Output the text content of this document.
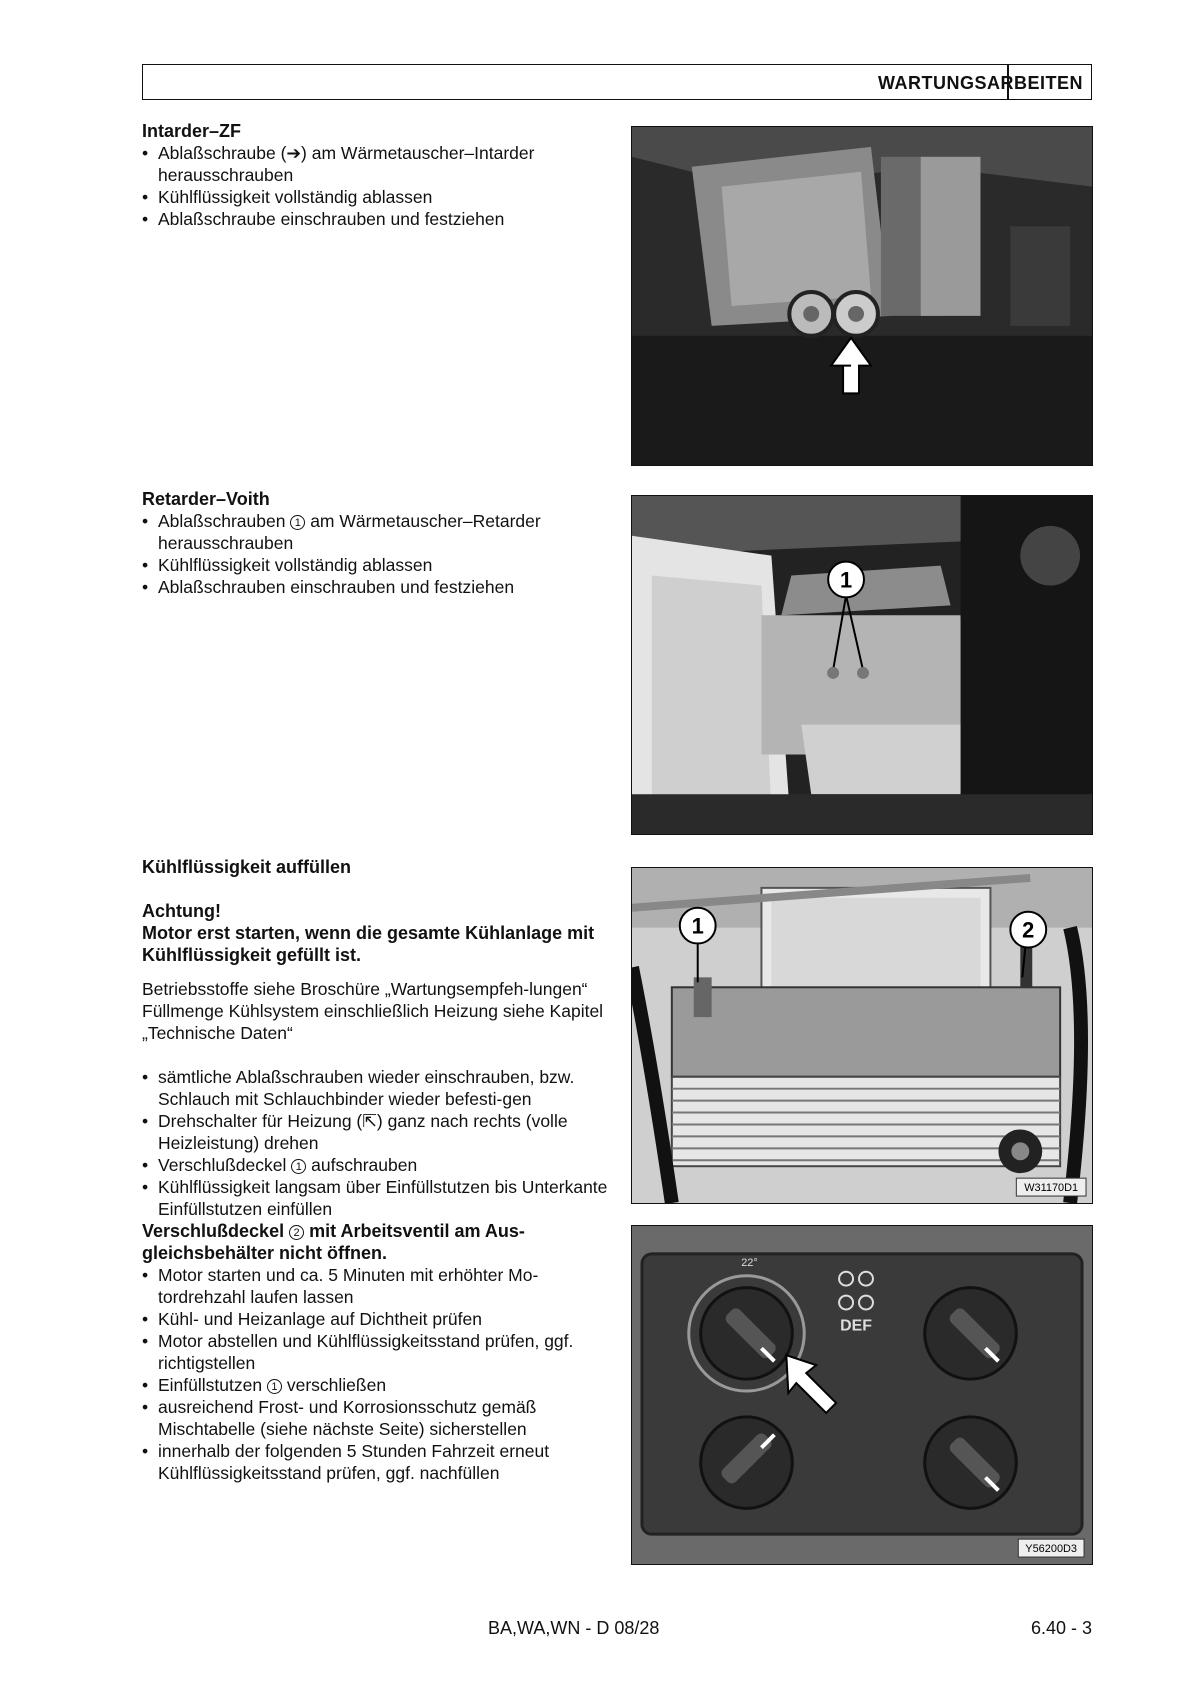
WARTUNGSARBEITEN
Intarder–ZF
• Ablaßschraube (➔) am Wärmetauscher–Intarder herausschrauben
• Kühlflüssigkeit vollständig ablassen
• Ablaßschraube einschrauben und festziehen
Retarder–Voith
• Ablaßschrauben 1 am Wärmetauscher–Retarder herausschrauben
• Kühlflüssigkeit vollständig ablassen
• Ablaßschrauben einschrauben und festziehen	1
Kühlflüssigkeit auffüllen

Achtung!

Motor erst starten, wenn die gesamte Kühlanlage mit Kühlflüssigkeit gefüllt ist.

Betriebsstoffe siehe Broschüre „Wartungsempfeh-lungen“

Füllmenge Kühlsystem einschließlich Heizung siehe Kapitel „Technische Daten“

• sämtliche Ablaßschrauben wieder einschrauben, bzw. Schlauch mit Schlauchbinder wieder befesti-gen
• Drehschalter für Heizung (⇱) ganz nach rechts (volle Heizleistung) drehen
• Verschlußdeckel 1 aufschrauben
• Kühlflüssigkeit langsam über Einfüllstutzen bis Unterkante Einfüllstutzen einfüllen

Verschlußdeckel 2 mit Arbeitsventil am Aus-gleichsbehälter nicht öffnen.

• Motor starten und ca. 5 Minuten mit erhöhter Mo-tordrehzahl laufen lassen
• Kühl- und Heizanlage auf Dichtheit prüfen
• Motor abstellen und Kühlflüssigkeitsstand prüfen, ggf. richtigstellen
• Einfüllstutzen 1 verschließen
• ausreichend Frost- und Korrosionsschutz gemäß Mischtabelle (siehe nächste Seite) sicherstellen
• innerhalb der folgenden 5 Stunden Fahrzeit erneut Kühlflüssigkeitsstand prüfen, ggf. nachfüllen
1	2
W31170D1
22°
DEF
Y56200D3
BA,WA,WN - D 08/28	6.40 - 3
